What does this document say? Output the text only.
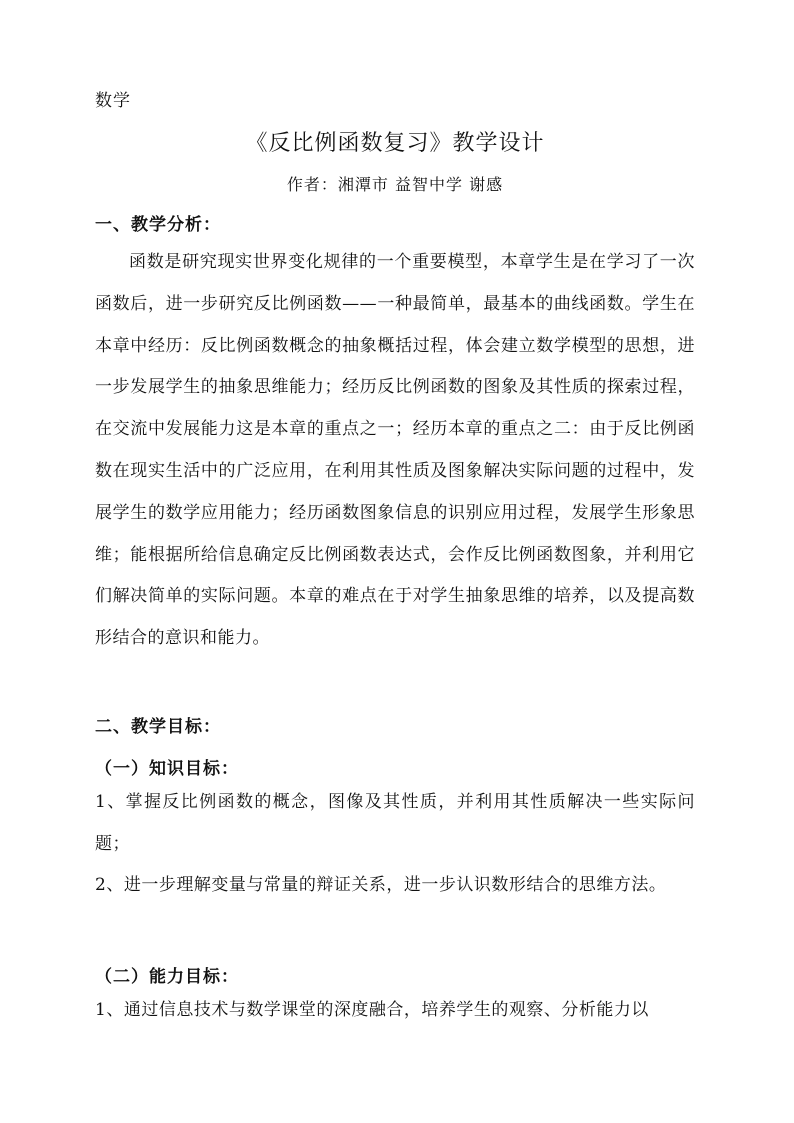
数学
《反比例函数复习》教学设计
作者：湘潭市 益智中学 谢感
一、教学分析：

函数是研究现实世界变化规律的一个重要模型，本章学生是在学习了一次函数后，进一步研究反比例函数——一种最简单，最基本的曲线函数。学生在本章中经历：反比例函数概念的抽象概括过程，体会建立数学模型的思想，进一步发展学生的抽象思维能力；经历反比例函数的图象及其性质的探索过程，在交流中发展能力这是本章的重点之一；经历本章的重点之二：由于反比例函数在现实生活中的广泛应用，在利用其性质及图象解决实际问题的过程中，发展学生的数学应用能力；经历函数图象信息的识别应用过程，发展学生形象思维；能根据所给信息确定反比例函数表达式，会作反比例函数图象，并利用它们解决简单的实际问题。本章的难点在于对学生抽象思维的培养，以及提高数形结合的意识和能力。

二、教学目标：
（一）知识目标：

1、掌握反比例函数的概念，图像及其性质，并利用其性质解决一些实际问题；

2、进一步理解变量与常量的辩证关系，进一步认识数形结合的思维方法。

（二）能力目标：

1、通过信息技术与数学课堂的深度融合，培养学生的观察、分析能力以
